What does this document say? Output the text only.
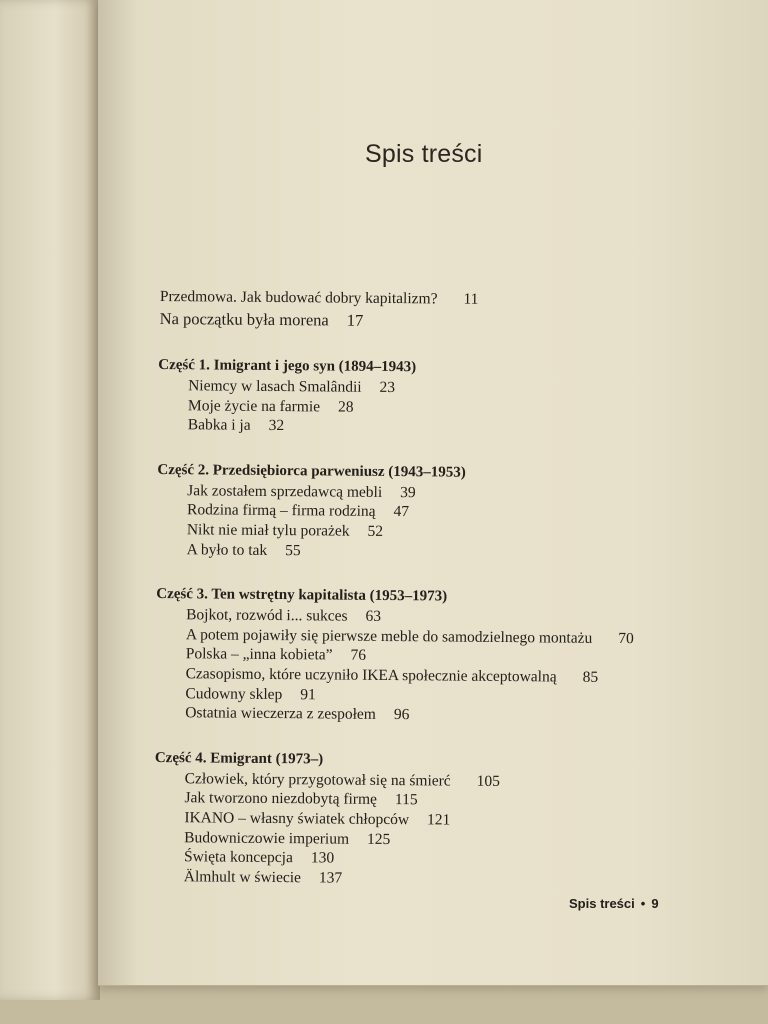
Spis treści
Przedmowa. Jak budować dobry kapitalizm? 11
Na początku była morena 17
Część 1. Imigrant i jego syn (1894–1943)
Niemcy w lasach Smalândii 23
Moje życie na farmie 28
Babka i ja 32
Część 2. Przedsiębiorca parweniusz (1943–1953)
Jak zostałem sprzedawcą mebli 39
Rodzina firmą – firma rodziną 47
Nikt nie miał tylu porażek 52
A było to tak 55
Część 3. Ten wstrętny kapitalista (1953–1973)
Bojkot, rozwód i... sukces 63
A potem pojawiły się pierwsze meble do samodzielnego montażu 70
Polska – „inna kobieta” 76
Czasopismo, które uczyniło IKEA społecznie akceptowalną 85
Cudowny sklep 91
Ostatnia wieczerza z zespołem 96
Część 4. Emigrant (1973–)
Człowiek, który przygotował się na śmierć 105
Jak tworzono niezdobytą firmę 115
IKANO – własny światek chłopców 121
Budowniczowie imperium 125
Święta koncepcja 130
Älmhult w świecie 137
Spis treści • 9
